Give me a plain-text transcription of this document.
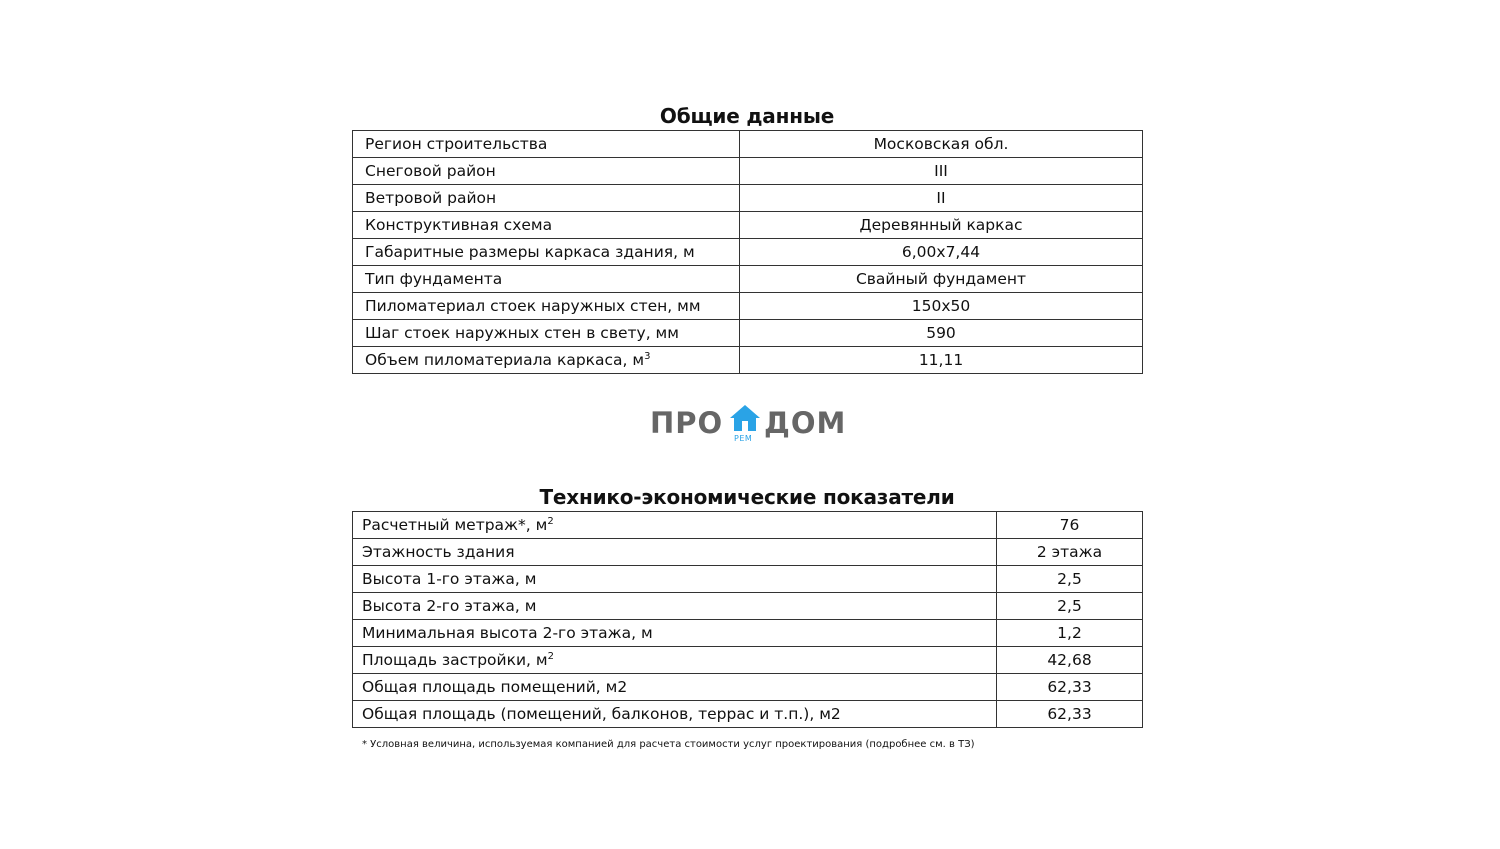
Общие данные
Регион строительства	Московская обл.
Снеговой район	III
Ветровой район	II
Конструктивная схема	Деревянный каркас
Габаритные размеры каркаса здания, м	6,00х7,44
Тип фундамента	Свайный фундамент
Пиломатериал стоек наружных стен, мм	150х50
Шаг стоек наружных стен в свету, мм	590
Объем пиломатериала каркаса, $м^3$	11,11
ПРО РЕМ ДОМ
Технико-экономические показатели
Расчетный метраж*, $м^2$	76
Этажность здания	2 этажа
Высота 1-го этажа, м	2,5
Высота 2-го этажа, м	2,5
Минимальная высота 2-го этажа, м	1,2
Площадь застройки, $м^2$	42,68
Общая площадь помещений, м2	62,33
Общая площадь (помещений, балконов, террас и т.п.), м2	62,33
* Условная величина, используемая компанией для расчета стоимости услуг проектирования (подробнее см. в ТЗ)
